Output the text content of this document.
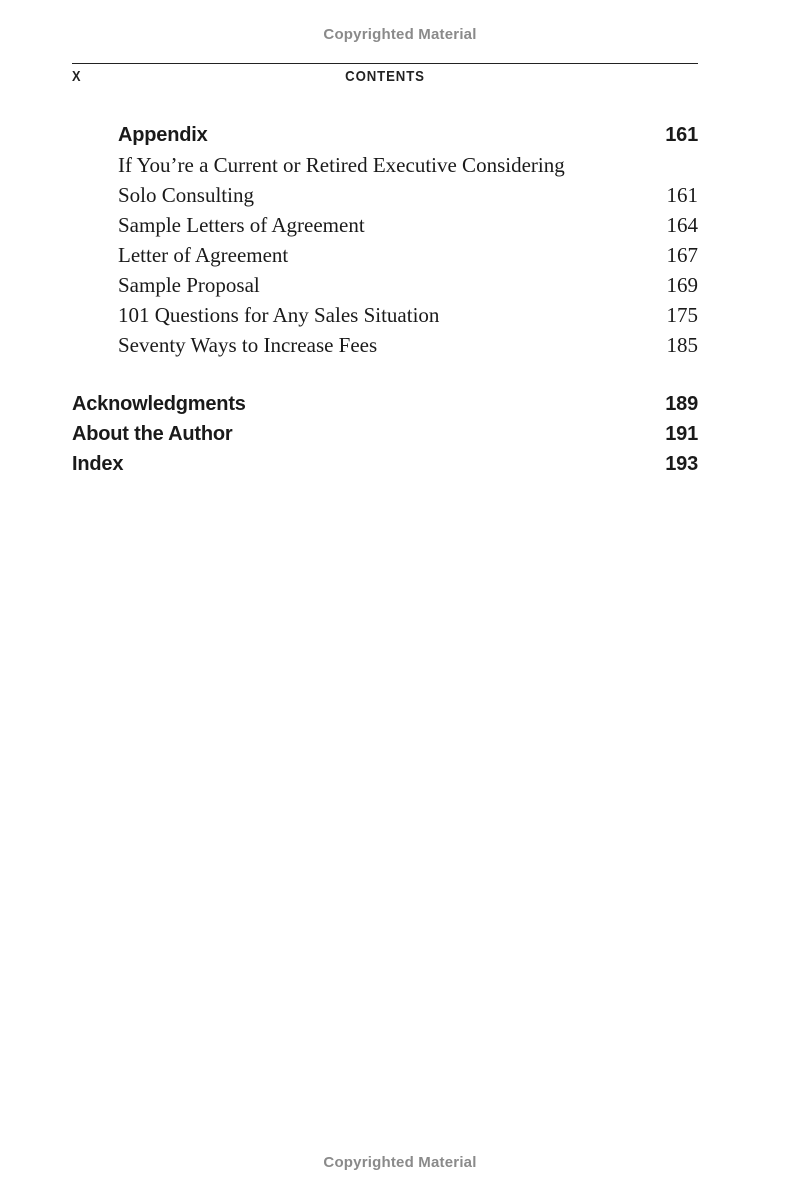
Copyrighted Material
X	CONTENTS
Appendix	161
If You’re a Current or Retired Executive Considering
Solo Consulting	161
Sample Letters of Agreement	164
Letter of Agreement	167
Sample Proposal	169
101 Questions for Any Sales Situation	175
Seventy Ways to Increase Fees	185
Acknowledgments	189
About the Author	191
Index	193
Copyrighted Material
